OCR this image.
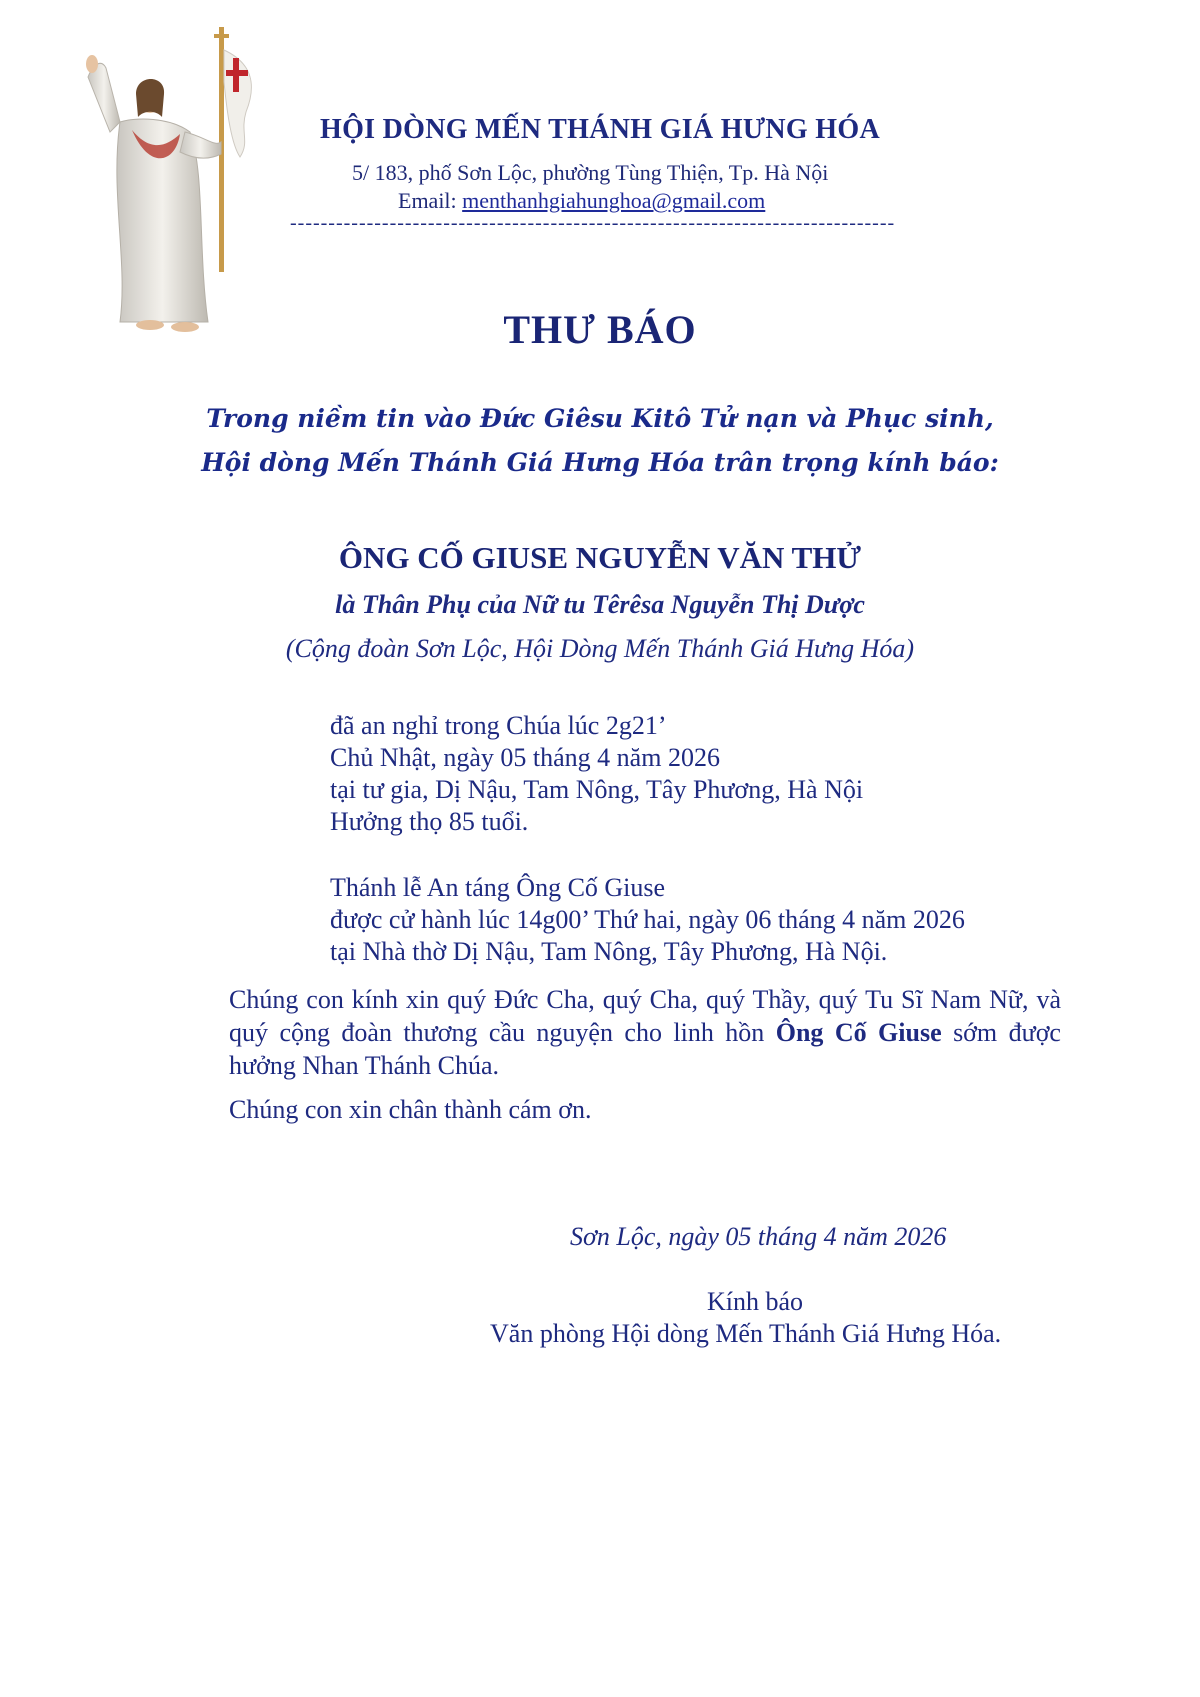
HỘI DÒNG MẾN THÁNH GIÁ HƯNG HÓA
5/ 183, phố Sơn Lộc, phường Tùng Thiện, Tp. Hà Nội
Email: menthanhgiahunghoa@gmail.com
-------------------------------------------------------------------------------
THƯ BÁO
Trong niềm tin vào Đức Giêsu Kitô Tử nạn và Phục sinh,
Hội dòng Mến Thánh Giá Hưng Hóa trân trọng kính báo:
ÔNG CỐ GIUSE NGUYỄN VĂN THỬ
là Thân Phụ của Nữ tu Têrêsa Nguyễn Thị Dược
(Cộng đoàn Sơn Lộc, Hội Dòng Mến Thánh Giá Hưng Hóa)
đã an nghỉ trong Chúa lúc 2g21’
Chủ Nhật, ngày 05 tháng 4 năm 2026
tại tư gia, Dị Nậu, Tam Nông, Tây Phương, Hà Nội
Hưởng thọ 85 tuổi.
Thánh lễ An táng Ông Cố Giuse
được cử hành lúc 14g00’ Thứ hai, ngày 06 tháng 4 năm 2026
tại Nhà thờ Dị Nậu, Tam Nông, Tây Phương, Hà Nội.
Chúng con kính xin quý Đức Cha, quý Cha, quý Thầy, quý Tu Sĩ Nam Nữ, và quý cộng đoàn thương cầu nguyện cho linh hồn Ông Cố Giuse sớm được hưởng Nhan Thánh Chúa.
Chúng con xin chân thành cám ơn.
Sơn Lộc, ngày 05 tháng 4 năm 2026
Kính báo
Văn phòng Hội dòng Mến Thánh Giá Hưng Hóa.
